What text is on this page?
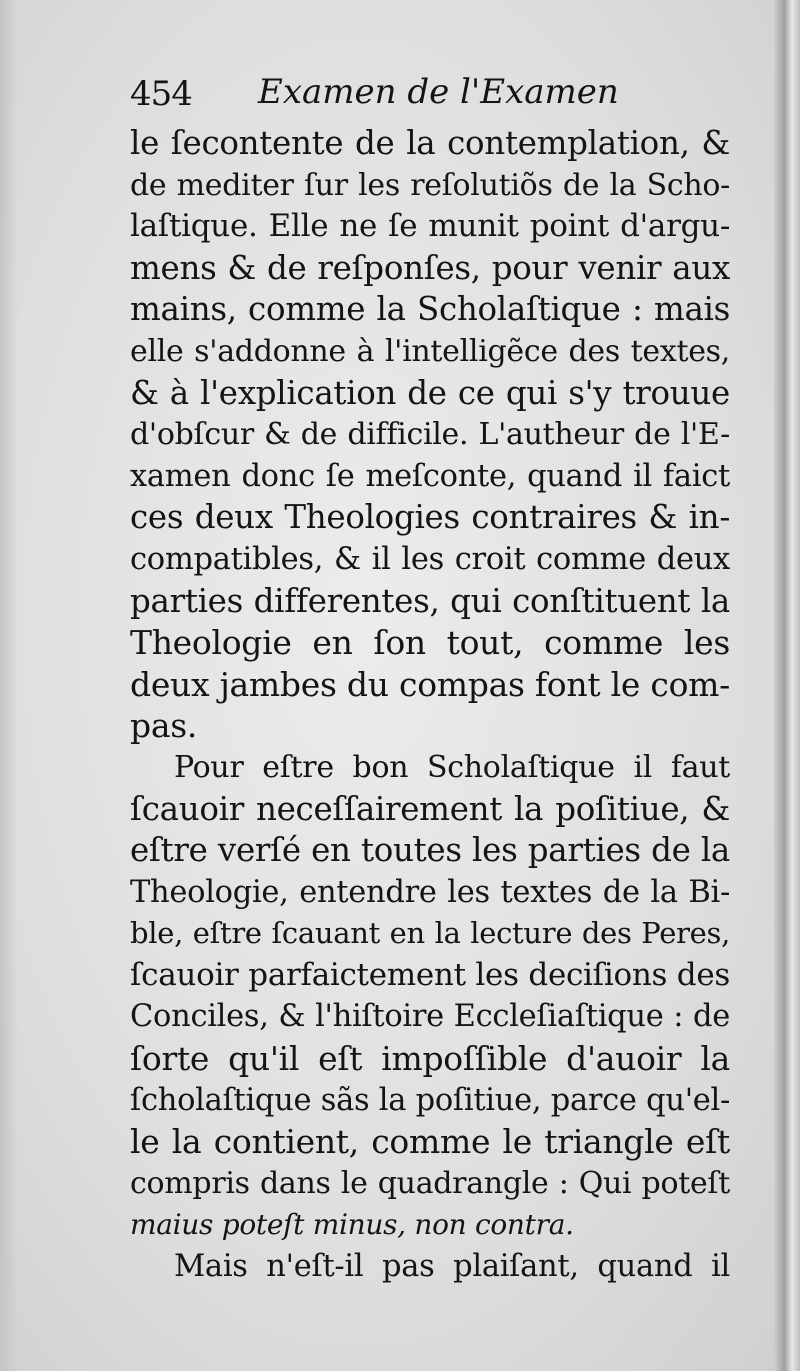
454 Examen de l'Examen
le ſecontente de la contemplation, &
de mediter ſur les reſolutiõs de la Scho-
laſtique. Elle ne ſe munit point d'argu-
mens & de reſponſes, pour venir aux
mains, comme la Scholaſtique : mais
elle s'addonne à l'intelligẽce des textes,
& à l'explication de ce qui s'y trouue
d'obſcur & de difficile. L'autheur de l'E-
xamen donc ſe meſconte, quand il faict
ces deux Theologies contraires & in-
compatibles, & il les croit comme deux
parties differentes, qui conſtituent la
Theologie en ſon tout, comme les
deux jambes du compas font le com-
pas.
Pour eſtre bon Scholaſtique il faut
ſcauoir neceſſairement la poſitiue, &
eſtre verſé en toutes les parties de la
Theologie, entendre les textes de la Bi-
ble, eſtre ſcauant en la lecture des Peres,
ſcauoir parfaictement les deciſions des
Conciles, & l'hiſtoire Eccleſiaſtique : de
ſorte qu'il eſt impoſſible d'auoir la
ſcholaſtique sãs la poſitiue, parce qu'el-
le la contient, comme le triangle eſt
compris dans le quadrangle : Qui poteſt
maius poteſt minus, non contra.
Mais n'eſt-il pas plaiſant, quand il
